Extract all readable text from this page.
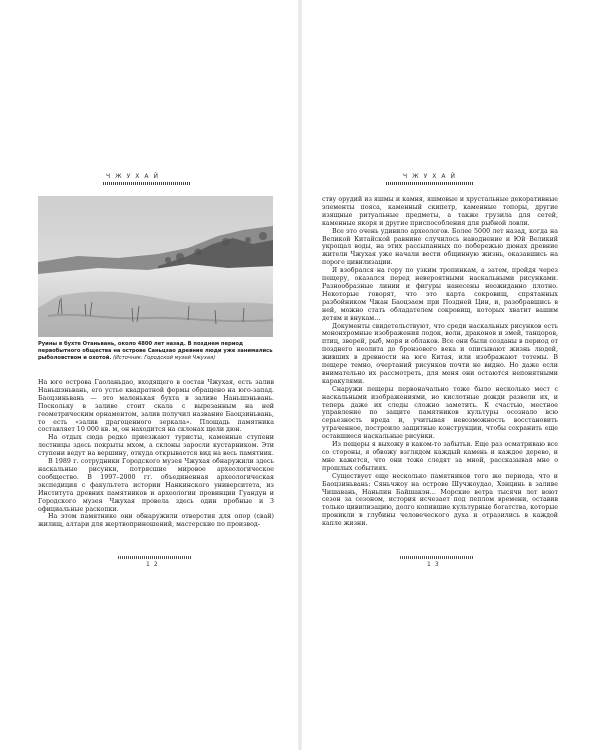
ЧЖУХАЙ
Руины в бухте Отаньвань, около 4800 лет назад. В позднем период первобытного общества на острове Саньцзао древние люди уже занимались рыболовством и охотой. (Источник: Городской музей Чжухая)

На юге острова Гаоланьдао, входящего в состав Чжухая, есть залив Наньшэньвань, его устье квадратной формы обращено на юго-запад. Баоцзиньвань — это маленькая бухта в заливе Наньшэньвань. Поскольку в заливе стоит скала с вырезанным на ней геометрическим орнаментом, залив получил название Баоцзиньвань, то есть «залив драгоценного зеркала». Площадь памятника составляет 10 000 кв. м, он находится на склонах щели дюн.

На отдых сюда редко приезжают туристы, каменные ступени лестницы здесь покрыты мхом, а склоны заросли кустарником. Эти ступени ведут на вершину, откуда открывается вид на весь памятник.

В 1989 г. сотрудники Городского музея Чжухая обнаружили здесь наскальные рисунки, потрясшие мировое археологическое сообщество. В 1997–2000 гг. объединенная археологическая экспедиция с факультета истории Нанкинского университета, из Института древних памятников и археологии провинции Гуандун и Городского музея Чжухая провела здесь один пробные и 3 официальные раскопки.

На этом памятнике они обнаружили отверстия для опор (свай) жилищ, алтари для жертвоприношений, мастерские по производ-

12
ЧЖУХАЙ

ству орудий из яшмы и камня, яшмовые и хрустальные декоративные элементы пояса, каменный скипетр, каменные топоры, другие изящные ритуальные предметы, а также грузила для сетей, каменные якоря и другие приспособления для рыбной ловли.

Все это очень удивило археологов. Более 5000 лет назад, когда на Великой Китайской равнине случилось наводнение и Юй Великий укрощал воды, на этих рассыпанных по побережью дюнах древние жители Чжухая уже начали вести общинную жизнь, оказавшись на пороге цивилизации.

Я взобрался на гору по узким тропинкам, а затем, пройдя через пещеру, оказался перед невероятными наскальными рисунками. Разнообразные линии и фигуры нанесены неожиданно плотно. Некоторые говорят, что это карта сокровищ, спрятанных разбойником Чжан Баоцзаем при Поздней Цин, и, разобравшись в ней, можно стать обладателем сокровищ, которых хватит вашим детям и внукам…

Документы свидетельствуют, что среди наскальных рисунков есть мононхромные изображения лодок, волн, драконов и змей, танцоров, птиц, зверей, рыб, моря и облаков. Все они были созданы в период от позднего неолита до бронзового века и описывают жизнь людей, живших в древности на юге Китая, или изображают тотемы. В пещере темно, очертаний рисунков почти не видно. Но даже если внимательно их рассмотреть, для меня они остаются непонятными каракулями.

Снаружи пещеры первоначально тоже было несколько мест с наскальными изображениями, но кислотные дожди развели их, и теперь даже их следы сложно заметить. К счастью, местное управление по защите памятников культуры осознало всю серьезность вреда и, учитывая невозможность восстановить утраченное, построило защитные конструкции, чтобы сохранить еще оставшиеся наскальные рисунки.

Из пещеры я выхожу в каком-то забытьи. Еще раз осматриваю все со стороны, я обвожу взглядом каждый камень и каждое дерево, и мне кажется, что они тоже следят за мной, рассказывая мне о прошлых событиях.

Существует еще несколько памятников того же периода, что и Баоцзиньвань: Сяньчжоу на острове Шучжоудао, Хэнцинь в заливе Чишавань, Наньпин Байшакэн… Морские ветра тысячи лет воют сезон за сезоном, история исчезает под пеплом времени, оставив только цивилизацию, долго копившие культурные богатства, которые проникли в глубины человеческого духа и отразились в каждой капле жизни.

13
